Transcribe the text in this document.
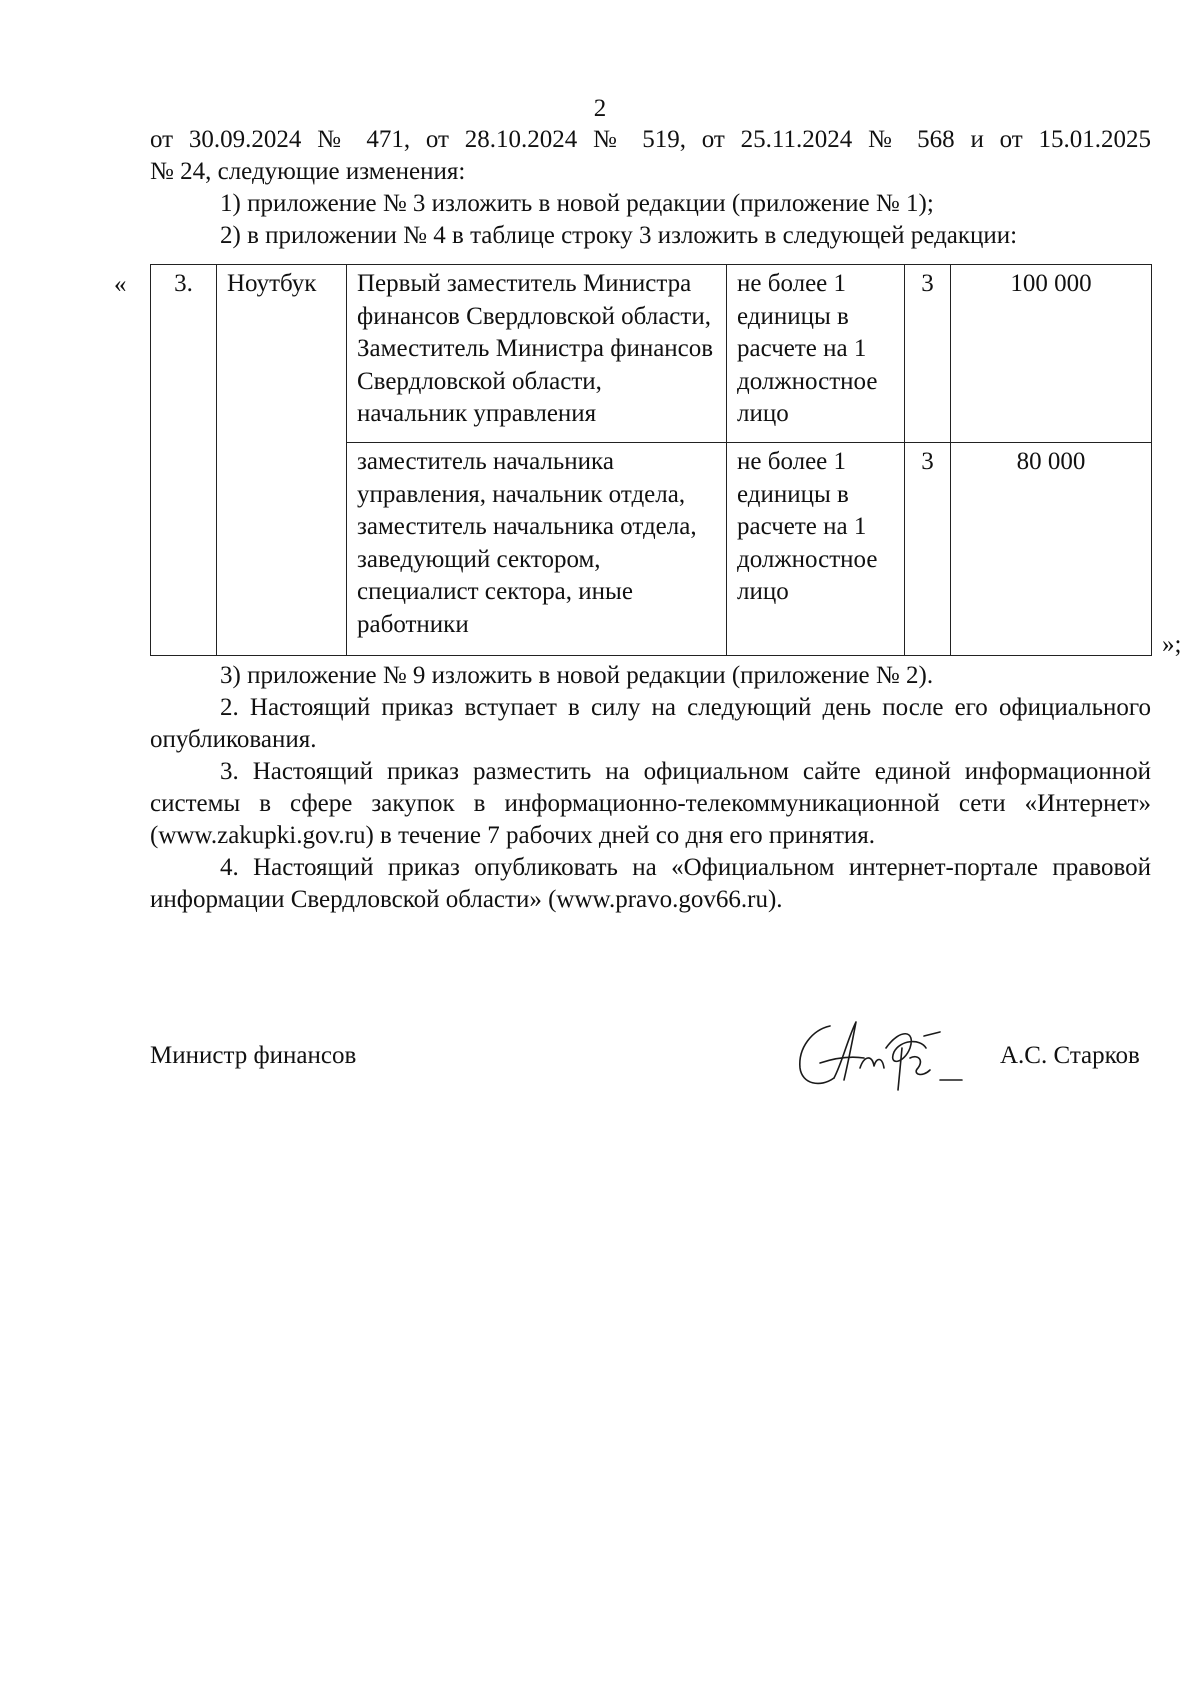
2

от 30.09.2024 № 471, от 28.10.2024 № 519, от 25.11.2024 № 568 и от 15.01.2025

№ 24, следующие изменения:

1) приложение № 3 изложить в новой редакции (приложение № 1);

2) в приложении № 4 в таблице строку 3 изложить в следующей редакции:

« 3.	Ноутбук	Первый заместитель Министра финансов Свердловской области, Заместитель Министра финансов Свердловской области, начальник управления	не более 1 единицы в расчете на 1 должностное лицо	3	100 000
		заместитель начальника управления, начальник отдела, заместитель начальника отдела, заведующий сектором, специалист сектора, иные работники	не более 1 единицы в расчете на 1 должностное лицо	3	80 000
»;

3) приложение № 9 изложить в новой редакции (приложение № 2).

2. Настоящий приказ вступает в силу на следующий день после его официального опубликования.

3. Настоящий приказ разместить на официальном сайте единой информационной системы в сфере закупок в информационно-телекоммуникационной сети «Интернет» (www.zakupki.gov.ru) в течение 7 рабочих дней со дня его принятия.

4. Настоящий приказ опубликовать на «Официальном интернет-портале правовой информации Свердловской области» (www.pravo.gov66.ru).

Министр финансов	А.С. Старков
